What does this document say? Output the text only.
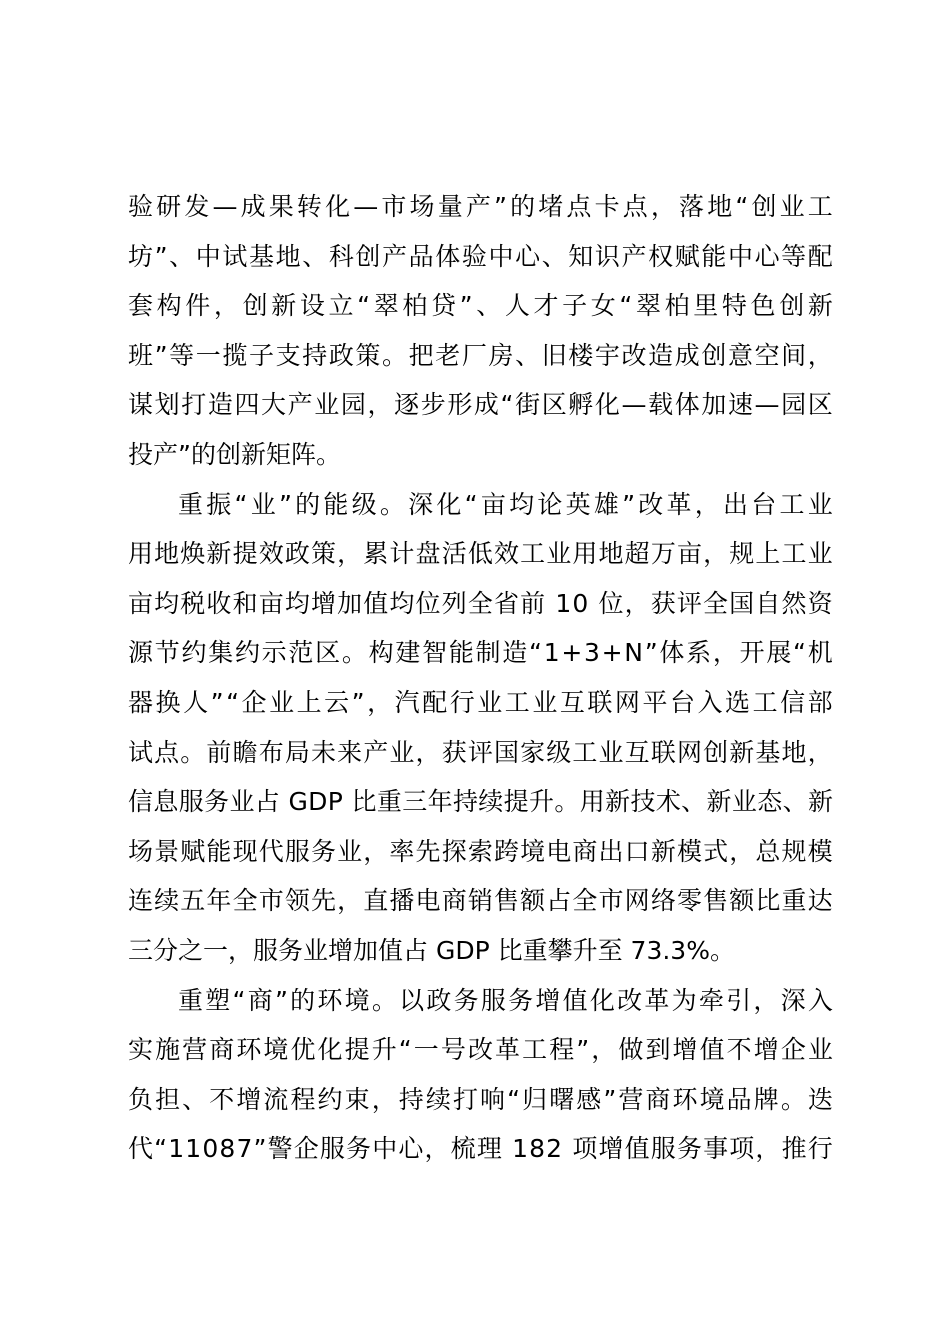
验 研 发 — 成 果 转 化 — 市 场 量 产 ” 的 堵 点 卡 点 ， 落 地 “ 创 业 工
坊 ” 、 中 试 基 地 、 科 创 产 品 体 验 中 心 、 知 识 产 权 赋 能 中 心 等 配
套 构 件 ， 创 新 设 立 “ 翠 柏 贷 ” 、 人 才 子 女 “ 翠 柏 里 特 色 创 新
班 ” 等 一 揽 子 支 持 政 策 。 把 老 厂 房 、 旧 楼 宇 改 造 成 创 意 空 间 ，
谋 划 打 造 四 大 产 业 园 ， 逐 步 形 成 “ 街 区 孵 化 — 载 体 加 速 — 园 区
投产”的创新矩阵。
重 振 “ 业 ” 的 能 级 。 深 化 “ 亩 均 论 英 雄 ” 改 革 ， 出 台 工 业
用 地 焕 新 提 效 政 策 ， 累 计 盘 活 低 效 工 业 用 地 超 万 亩 ， 规 上 工 业
亩 均 税 收 和 亩 均 增 加 值 均 位 列 全 省 前
1 0
位 ， 获 评 全 国 自 然 资
源 节 约 集 约 示 范 区 。 构 建 智 能 制 造 “ 1 + 3 + N ” 体 系 ， 开 展 “ 机
器 换 人 ” “ 企 业 上 云 ” ， 汽 配 行 业 工 业 互 联 网 平 台 入 选 工 信 部
试 点 。 前 瞻 布 局 未 来 产 业 ， 获 评 国 家 级 工 业 互 联 网 创 新 基 地 ，
信 息 服 务 业 占
G D P
比 重 三 年 持 续 提 升 。 用 新 技 术 、 新 业 态 、 新
场 景 赋 能 现 代 服 务 业 ， 率 先 探 索 跨 境 电 商 出 口 新 模 式 ， 总 规 模
连 续 五 年 全 市 领 先 ， 直 播 电 商 销 售 额 占 全 市 网 络 零 售 额 比 重 达
三分之一，服务业增加值占 GDP 比重攀升至 73.3%。
重 塑 “ 商 ” 的 环 境 。 以 政 务 服 务 增 值 化 改 革 为 牵 引 ， 深 入
实 施 营 商 环 境 优 化 提 升 “ 一 号 改 革 工 程 ” ， 做 到 增 值 不 增 企 业
负 担 、 不 增 流 程 约 束 ， 持 续 打 响 “ 归 曙 感 ” 营 商 环 境 品 牌 。 迭
代 “ 1 1 0 8 7 ” 警 企 服 务 中 心 ， 梳 理
1 8 2
项 增 值 服 务 事 项 ， 推 行
